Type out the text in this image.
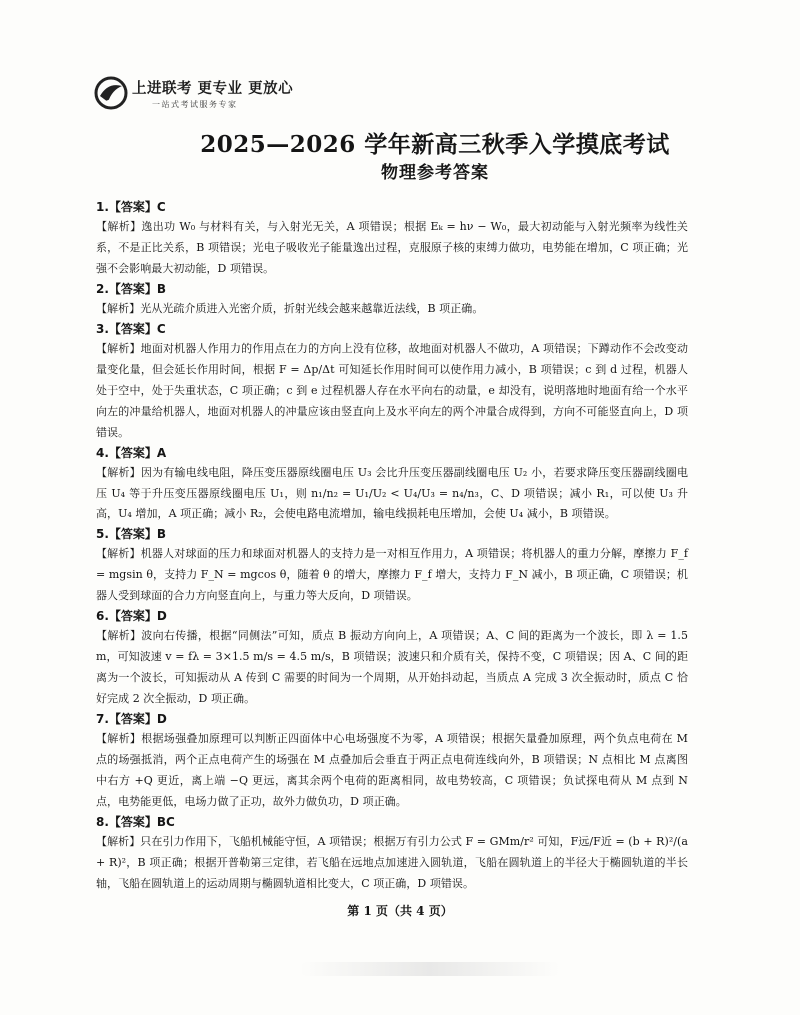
上进联考 更专业 更放心
一站式考试服务专家
2025—2026 学年新高三秋季入学摸底考试
物理参考答案
1.【答案】C
【解析】逸出功 W₀ 与材料有关，与入射光无关，A 项错误；根据 Eₖ = hν − W₀，最大初动能与入射光频率为线性关系，不是正比关系，B 项错误；光电子吸收光子能量逸出过程，克服原子核的束缚力做功，电势能在增加，C 项正确；光强不会影响最大初动能，D 项错误。
2.【答案】B
【解析】光从光疏介质进入光密介质，折射光线会越来越靠近法线，B 项正确。
3.【答案】C
【解析】地面对机器人作用力的作用点在力的方向上没有位移，故地面对机器人不做功，A 项错误；下蹲动作不会改变动量变化量，但会延长作用时间，根据 F = Δp/Δt 可知延长作用时间可以使作用力减小，B 项错误；c 到 d 过程，机器人处于空中，处于失重状态，C 项正确；c 到 e 过程机器人存在水平向右的动量，e 却没有，说明落地时地面有给一个水平向左的冲量给机器人，地面对机器人的冲量应该由竖直向上及水平向左的两个冲量合成得到，方向不可能竖直向上，D 项错误。
4.【答案】A
【解析】因为有输电线电阻，降压变压器原线圈电压 U₃ 会比升压变压器副线圈电压 U₂ 小，若要求降压变压器副线圈电压 U₄ 等于升压变压器原线圈电压 U₁，则 n₁/n₂ = U₁/U₂ < U₄/U₃ = n₄/n₃，C、D 项错误；减小 R₁，可以使 U₃ 升高，U₄ 增加，A 项正确；减小 R₂，会使电路电流增加，输电线损耗电压增加，会使 U₄ 减小，B 项错误。
5.【答案】B
【解析】机器人对球面的压力和球面对机器人的支持力是一对相互作用力，A 项错误；将机器人的重力分解，摩擦力 F_f = mgsin θ，支持力 F_N = mgcos θ，随着 θ 的增大，摩擦力 F_f 增大，支持力 F_N 减小，B 项正确，C 项错误；机器人受到球面的合力方向竖直向上，与重力等大反向，D 项错误。
6.【答案】D
【解析】波向右传播，根据“同侧法”可知，质点 B 振动方向向上，A 项错误；A、C 间的距离为一个波长，即 λ = 1.5 m，可知波速 v = fλ = 3×1.5 m/s = 4.5 m/s，B 项错误；波速只和介质有关，保持不变，C 项错误；因 A、C 间的距离为一个波长，可知振动从 A 传到 C 需要的时间为一个周期，从开始抖动起，当质点 A 完成 3 次全振动时，质点 C 恰好完成 2 次全振动，D 项正确。
7.【答案】D
【解析】根据场强叠加原理可以判断正四面体中心电场强度不为零，A 项错误；根据矢量叠加原理，两个负点电荷在 M 点的场强抵消，两个正点电荷产生的场强在 M 点叠加后会垂直于两正点电荷连线向外，B 项错误；N 点相比 M 点离图中右方 +Q 更近，离上端 −Q 更远，离其余两个电荷的距离相同，故电势较高，C 项错误；负试探电荷从 M 点到 N 点，电势能更低，电场力做了正功，故外力做负功，D 项正确。
8.【答案】BC
【解析】只在引力作用下，飞船机械能守恒，A 项错误；根据万有引力公式 F = GMm/r² 可知，F远/F近 = (b + R)²/(a + R)²，B 项正确；根据开普勒第三定律，若飞船在远地点加速进入圆轨道，飞船在圆轨道上的半径大于椭圆轨道的半长轴，飞船在圆轨道上的运动周期与椭圆轨道相比变大，C 项正确，D 项错误。
第 1 页（共 4 页）
